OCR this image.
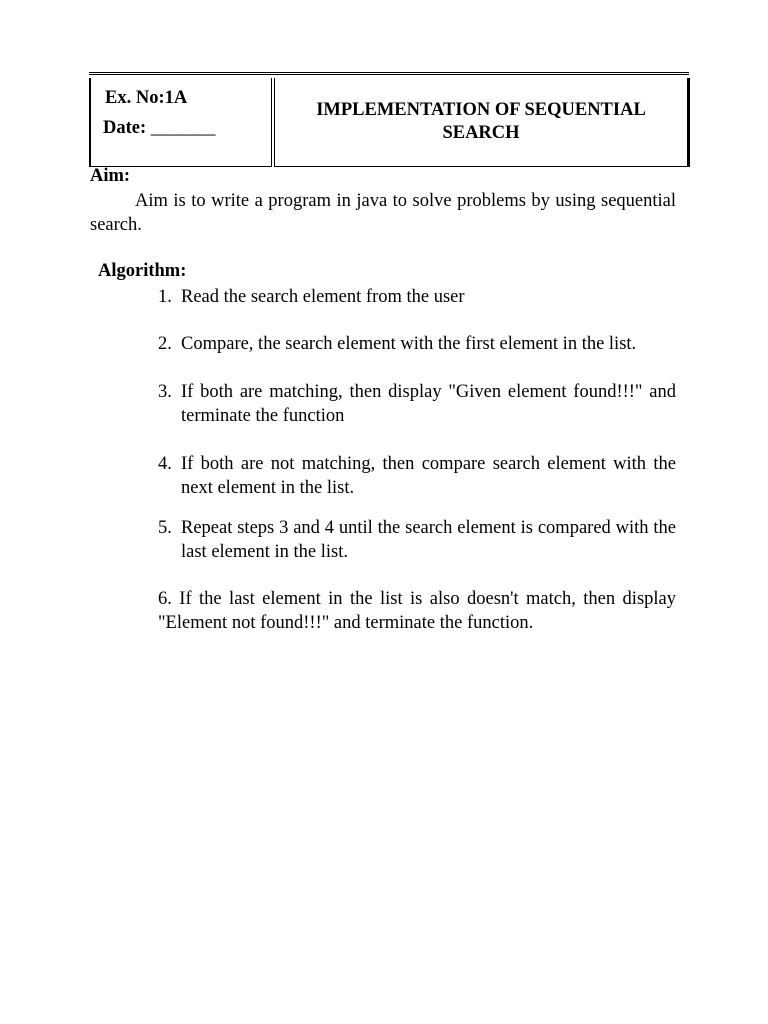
Ex. No:1A
Date: _______
IMPLEMENTATION OF SEQUENTIAL SEARCH
Aim:
Aim is to write a program in java to solve problems by using sequential search.
Algorithm:
1. Read the search element from the user
2. Compare, the search element with the first element in the list.
3. If both are matching, then display "Given element found!!!" and terminate the function
4. If both are not matching, then compare search element with the next element in the list.
5. Repeat steps 3 and 4 until the search element is compared with the last element in the list.
6. If the last element in the list is also doesn't match, then display "Element not found!!!" and terminate the function.
